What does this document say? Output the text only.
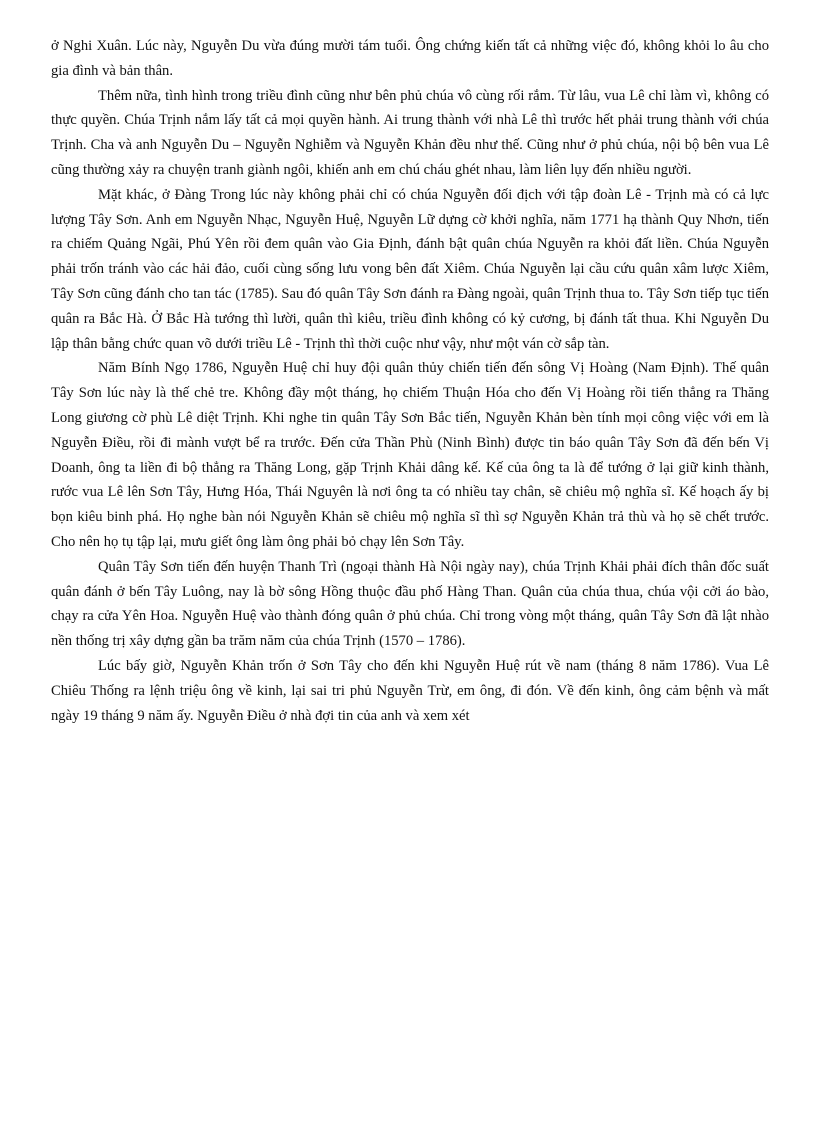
ở Nghi Xuân. Lúc này, Nguyễn Du vừa đúng mười tám tuổi. Ông chứng kiến tất cả những việc đó, không khỏi lo âu cho gia đình và bản thân.

Thêm nữa, tình hình trong triều đình cũng như bên phủ chúa vô cùng rối rắm. Từ lâu, vua Lê chỉ làm vì, không có thực quyền. Chúa Trịnh nắm lấy tất cả mọi quyền hành. Ai trung thành với nhà Lê thì trước hết phải trung thành với chúa Trịnh. Cha và anh Nguyễn Du – Nguyễn Nghiễm và Nguyễn Khản đều như thế. Cũng như ở phủ chúa, nội bộ bên vua Lê cũng thường xảy ra chuyện tranh giành ngôi, khiến anh em chú cháu ghét nhau, làm liên lụy đến nhiều người.

Mặt khác, ở Đàng Trong lúc này không phải chỉ có chúa Nguyễn đối địch với tập đoàn Lê - Trịnh mà có cả lực lượng Tây Sơn. Anh em Nguyễn Nhạc, Nguyễn Huệ, Nguyễn Lữ dựng cờ khởi nghĩa, năm 1771 hạ thành Quy Nhơn, tiến ra chiếm Quảng Ngãi, Phú Yên rồi đem quân vào Gia Định, đánh bật quân chúa Nguyễn ra khỏi đất liền. Chúa Nguyễn phải trốn tránh vào các hải đảo, cuối cùng sống lưu vong bên đất Xiêm. Chúa Nguyễn lại cầu cứu quân xâm lược Xiêm, Tây Sơn cũng đánh cho tan tác (1785). Sau đó quân Tây Sơn đánh ra Đàng ngoài, quân Trịnh thua to. Tây Sơn tiếp tục tiến quân ra Bắc Hà. Ở Bắc Hà tướng thì lười, quân thì kiêu, triều đình không có kỷ cương, bị đánh tất thua. Khi Nguyễn Du lập thân bằng chức quan võ dưới triều Lê - Trịnh thì thời cuộc như vậy, như một ván cờ sắp tàn.

Năm Bính Ngọ 1786, Nguyễn Huệ chỉ huy đội quân thủy chiến tiến đến sông Vị Hoàng (Nam Định). Thế quân Tây Sơn lúc này là thế chẻ tre. Không đầy một tháng, họ chiếm Thuận Hóa cho đến Vị Hoàng rồi tiến thẳng ra Thăng Long giương cờ phù Lê diệt Trịnh. Khi nghe tin quân Tây Sơn Bắc tiến, Nguyễn Khản bèn tính mọi công việc với em là Nguyễn Điều, rồi đi mành vượt bể ra trước. Đến cửa Thần Phù (Ninh Bình) được tin báo quân Tây Sơn đã đến bến Vị Doanh, ông ta liền đi bộ thẳng ra Thăng Long, gặp Trịnh Khải dâng kế. Kế của ông ta là để tướng ở lại giữ kinh thành, rước vua Lê lên Sơn Tây, Hưng Hóa, Thái Nguyên là nơi ông ta có nhiều tay chân, sẽ chiêu mộ nghĩa sĩ. Kế hoạch ấy bị bọn kiêu binh phá. Họ nghe bàn nói Nguyễn Khản sẽ chiêu mộ nghĩa sĩ thì sợ Nguyễn Khản trả thù và họ sẽ chết trước. Cho nên họ tụ tập lại, mưu giết ông làm ông phải bỏ chạy lên Sơn Tây.

Quân Tây Sơn tiến đến huyện Thanh Trì (ngoại thành Hà Nội ngày nay), chúa Trịnh Khải phải đích thân đốc suất quân đánh ở bến Tây Luông, nay là bờ sông Hồng thuộc đầu phố Hàng Than. Quân của chúa thua, chúa vội cởi áo bào, chạy ra cửa Yên Hoa. Nguyễn Huệ vào thành đóng quân ở phủ chúa. Chỉ trong vòng một tháng, quân Tây Sơn đã lật nhào nền thống trị xây dựng gần ba trăm năm của chúa Trịnh (1570 – 1786).

Lúc bấy giờ, Nguyễn Khản trốn ở Sơn Tây cho đến khi Nguyễn Huệ rút về nam (tháng 8 năm 1786). Vua Lê Chiêu Thống ra lệnh triệu ông về kinh, lại sai tri phủ Nguyễn Trừ, em ông, đi đón. Về đến kinh, ông cảm bệnh và mất ngày 19 tháng 9 năm ấy. Nguyễn Điều ở nhà đợi tin của anh và xem xét
